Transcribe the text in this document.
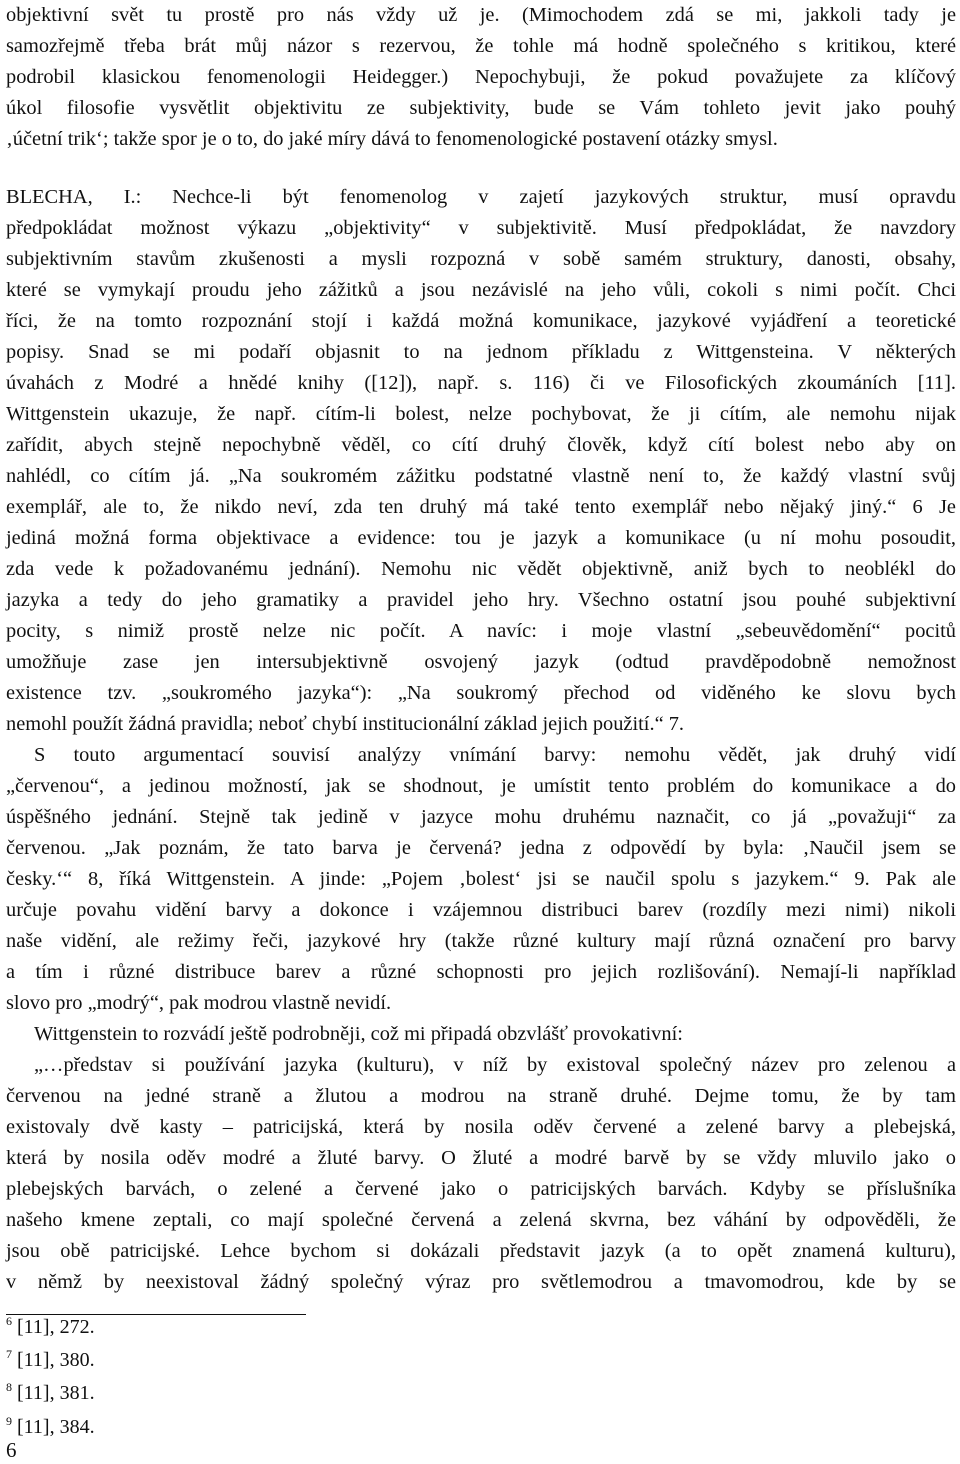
objektivní svět tu prostě pro nás vždy už je. (Mimochodem zdá se mi, jakkoli tady je
samozřejmě třeba brát můj názor s rezervou, že tohle má hodně společného s kritikou, které
podrobil klasickou fenomenologii Heidegger.) Nepochybuji, že pokud považujete za klíčový
úkol filosofie vysvětlit objektivitu ze subjektivity, bude se Vám tohleto jevit jako pouhý
‚účetní trik‘; takže spor je o to, do jaké míry dává to fenomenologické postavení otázky smysl.
BLECHA, I.: Nechce-li být fenomenolog v zajetí jazykových struktur, musí opravdu
předpokládat možnost výkazu „objektivity“ v subjektivitě. Musí předpokládat, že navzdory
subjektivním stavům zkušenosti a mysli rozpozná v sobě samém struktury, danosti, obsahy,
které se vymykají proudu jeho zážitků a jsou nezávislé na jeho vůli, cokoli s nimi počít. Chci
říci, že na tomto rozpoznání stojí i každá možná komunikace, jazykové vyjádření a teoretické
popisy. Snad se mi podaří objasnit to na jednom příkladu z Wittgensteina. V některých
úvahách z Modré a hnědé knihy ([12]), např. s. 116) či ve Filosofických zkoumáních [11].
Wittgenstein ukazuje, že např. cítím-li bolest, nelze pochybovat, že ji cítím, ale nemohu nijak
zařídit, abych stejně nepochybně věděl, co cítí druhý člověk, když cítí bolest nebo aby on
nahlédl, co cítím já. „Na soukromém zážitku podstatné vlastně není to, že každý vlastní svůj
exemplář, ale to, že nikdo neví, zda ten druhý má také tento exemplář nebo nějaký jiný.“ 6 Je
jediná možná forma objektivace a evidence: tou je jazyk a komunikace (u ní mohu posoudit,
zda vede k požadovanému jednání). Nemohu nic vědět objektivně, aniž bych to neoblékl do
jazyka a tedy do jeho gramatiky a pravidel jeho hry. Všechno ostatní jsou pouhé subjektivní
pocity, s nimiž prostě nelze nic počít. A navíc: i moje vlastní „sebeuvědomění“ pocitů
umožňuje zase jen intersubjektivně osvojený jazyk (odtud pravděpodobně nemožnost
existence tzv. „soukromého jazyka“): „Na soukromý přechod od viděného ke slovu bych
nemohl použít žádná pravidla; neboť chybí institucionální základ jejich použití.“ 7.
S touto argumentací souvisí analýzy vnímání barvy: nemohu vědět, jak druhý vidí
„červenou“, a jedinou možností, jak se shodnout, je umístit tento problém do komunikace a do
úspěšného jednání. Stejně tak jedině v jazyce mohu druhému naznačit, co já „považuji“ za
červenou. „Jak poznám, že tato barva je červená? jedna z odpovědí by byla: ‚Naučil jsem se
česky.‘“ 8, říká Wittgenstein. A jinde: „Pojem ‚bolest‘ jsi se naučil spolu s jazykem.“ 9. Pak ale
určuje povahu vidění barvy a dokonce i vzájemnou distribuci barev (rozdíly mezi nimi) nikoli
naše vidění, ale režimy řeči, jazykové hry (takže různé kultury mají různá označení pro barvy
a tím i různé distribuce barev a různé schopnosti pro jejich rozlišování). Nemají-li například
slovo pro „modrý“, pak modrou vlastně nevidí.
Wittgenstein to rozvádí ještě podrobněji, což mi připadá obzvlášť provokativní:
„…představ si používání jazyka (kulturu), v níž by existoval společný název pro zelenou a
červenou na jedné straně a žlutou a modrou na straně druhé. Dejme tomu, že by tam
existovaly dvě kasty – patricijská, která by nosila oděv červené a zelené barvy a plebejská,
která by nosila oděv modré a žluté barvy. O žluté a modré barvě by se vždy mluvilo jako o
plebejských barvách, o zelené a červené jako o patricijských barvách. Kdyby se příslušníka
našeho kmene zeptali, co mají společné červená a zelená skvrna, bez váhání by odpověděli, že
jsou obě patricijské. Lehce bychom si dokázali představit jazyk (a to opět znamená kulturu),
v němž by neexistoval žádný společný výraz pro světlemodrou a tmavomodrou, kde by se
$^6$ [11], 272.
$^7$ [11], 380.
$^8$ [11], 381.
$^9$ [11], 384.
6
